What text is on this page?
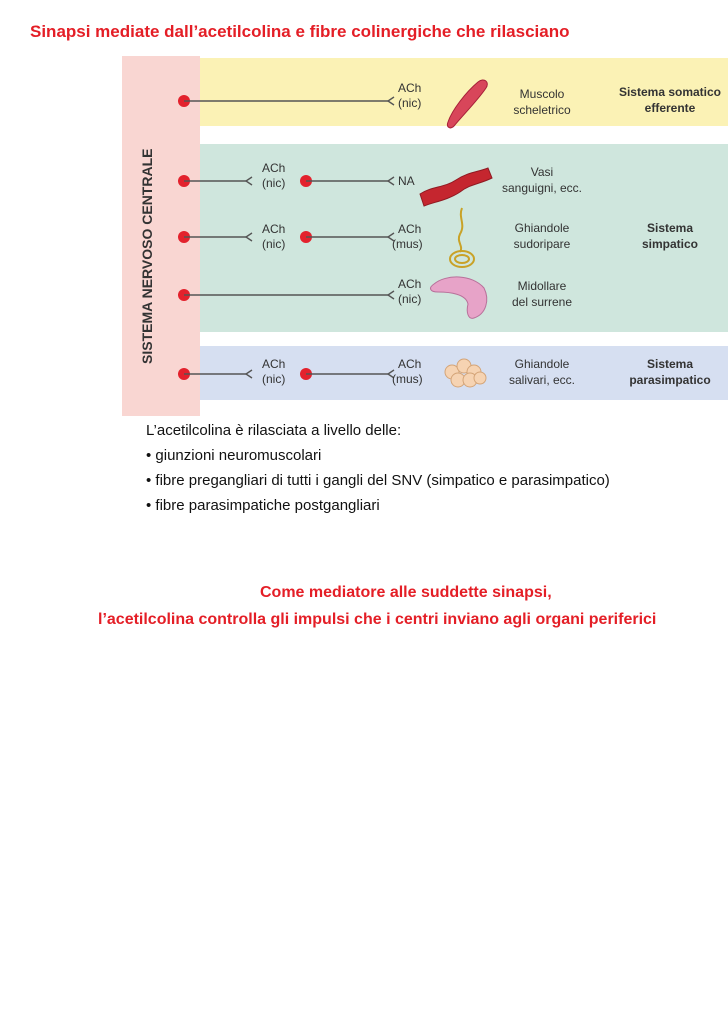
Sinapsi mediate dall’acetilcolina e fibre colinergiche che rilasciano
SISTEMA NERVOSO CENTRALE
ACh
(nic)
Muscolo
scheletrico
Sistema somatico
efferente
ACh
(nic)	NA
Vasi
sanguigni, ecc.
ACh
(nic)
ACh
(mus)
Ghiandole
sudoripare
Sistema
simpatico
ACh
(nic)
Midollare
del surrene
ACh
(nic)
ACh
(mus)
Ghiandole
salivari, ecc.
Sistema
parasimpatico
L’acetilcolina è rilasciata a livello delle:
• giunzioni neuromuscolari
• fibre pregangliari di tutti i gangli del SNV (simpatico e parasimpatico)
• fibre parasimpatiche postgangliari
Come mediatore alle suddette sinapsi,
l’acetilcolina controlla gli impulsi che i centri inviano agli organi periferici
